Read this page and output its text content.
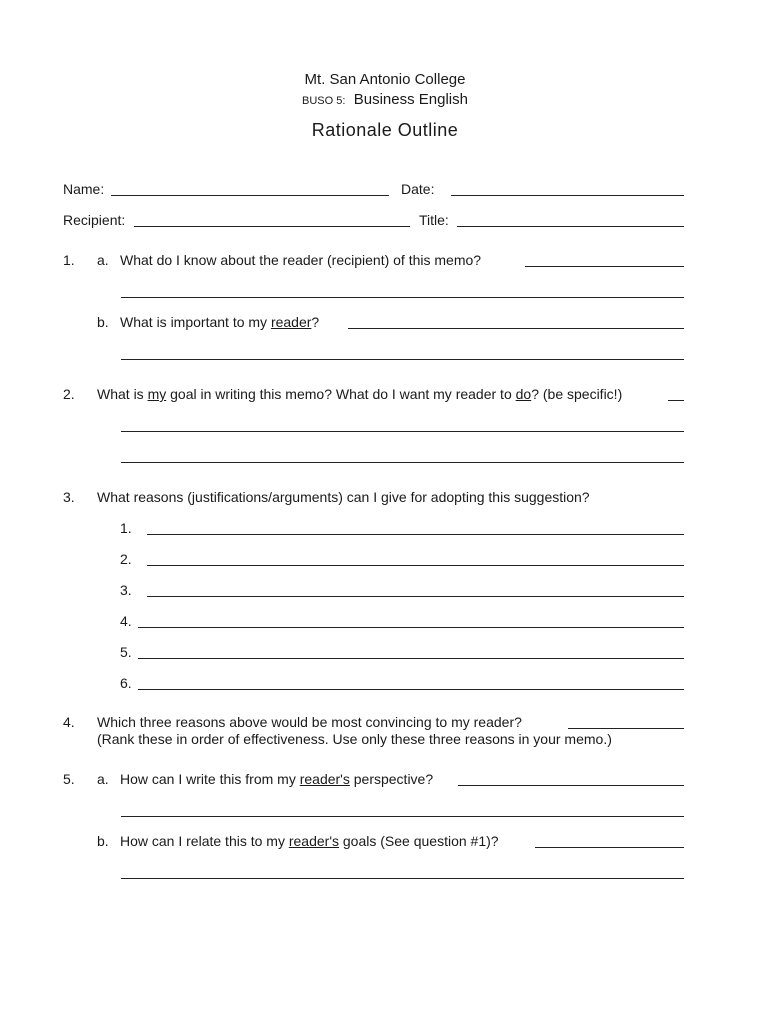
Mt. San Antonio College
BUSO 5: Business English
Rationale Outline
Name:	Date:
Recipient:	Title:
1. a. What do I know about the reader (recipient) of this memo?
b. What is important to my reader?
2. What is my goal in writing this memo? What do I want my reader to do? (be specific!)
3. What reasons (justifications/arguments) can I give for adopting this suggestion?
1.
2.
3.
4.
5.
6.
4. Which three reasons above would be most convincing to my reader?
(Rank these in order of effectiveness. Use only these three reasons in your memo.)
5. a. How can I write this from my reader's perspective?
b. How can I relate this to my reader's goals (See question #1)?
